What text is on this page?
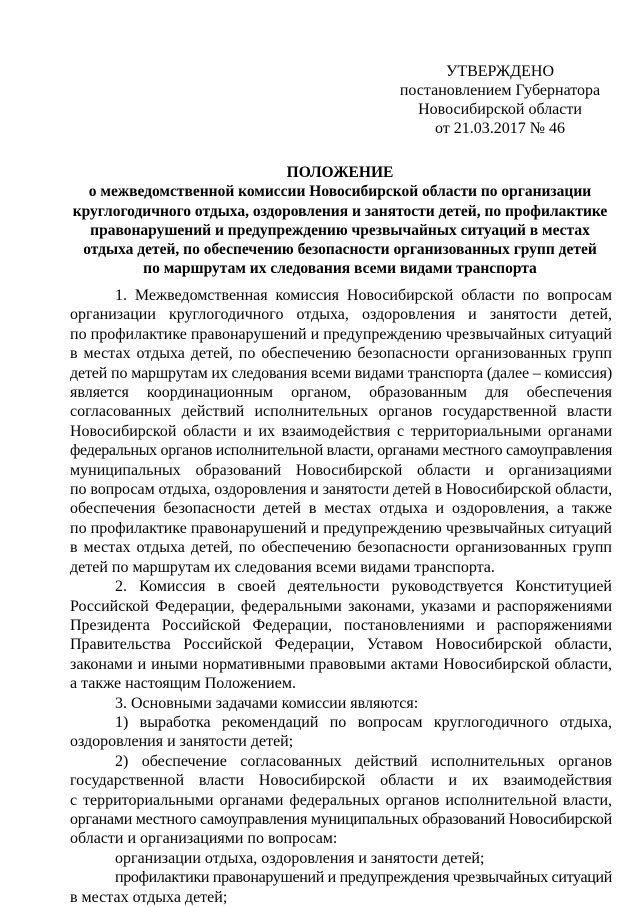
УТВЕРЖДЕНО
постановлением Губернатора
Новосибирской области
от 21.03.2017 № 46
ПОЛОЖЕНИЕ
о межведомственной комиссии Новосибирской области по организации
круглогодичного отдыха, оздоровления и занятости детей, по профилактике
правонарушений и предупреждению чрезвычайных ситуаций в местах
отдыха детей, по обеспечению безопасности организованных групп детей
по маршрутам их следования всеми видами транспорта
1. Межведомственная комиссия Новосибирской области по вопросам
организации круглогодичного отдыха, оздоровления и занятости детей,
по профилактике правонарушений и предупреждению чрезвычайных ситуаций
в местах отдыха детей, по обеспечению безопасности организованных групп
детей по маршрутам их следования всеми видами транспорта (далее – комиссия)
является координационным органом, образованным для обеспечения
согласованных действий исполнительных органов государственной власти
Новосибирской области и их взаимодействия с территориальными органами
федеральных органов исполнительной власти, органами местного самоуправления
муниципальных образований Новосибирской области и организациями
по вопросам отдыха, оздоровления и занятости детей в Новосибирской области,
обеспечения безопасности детей в местах отдыха и оздоровления, а также
по профилактике правонарушений и предупреждению чрезвычайных ситуаций
в местах отдыха детей, по обеспечению безопасности организованных групп
детей по маршрутам их следования всеми видами транспорта.
2. Комиссия в своей деятельности руководствуется Конституцией
Российской Федерации, федеральными законами, указами и распоряжениями
Президента Российской Федерации, постановлениями и распоряжениями
Правительства Российской Федерации, Уставом Новосибирской области,
законами и иными нормативными правовыми актами Новосибирской области,
а также настоящим Положением.
3. Основными задачами комиссии являются:
1) выработка рекомендаций по вопросам круглогодичного отдыха,
оздоровления и занятости детей;
2) обеспечение согласованных действий исполнительных органов
государственной власти Новосибирской области и их взаимодействия
с территориальными органами федеральных органов исполнительной власти,
органами местного самоуправления муниципальных образований Новосибирской
области и организациями по вопросам:
организации отдыха, оздоровления и занятости детей;
профилактики правонарушений и предупреждения чрезвычайных ситуаций
в местах отдыха детей;
